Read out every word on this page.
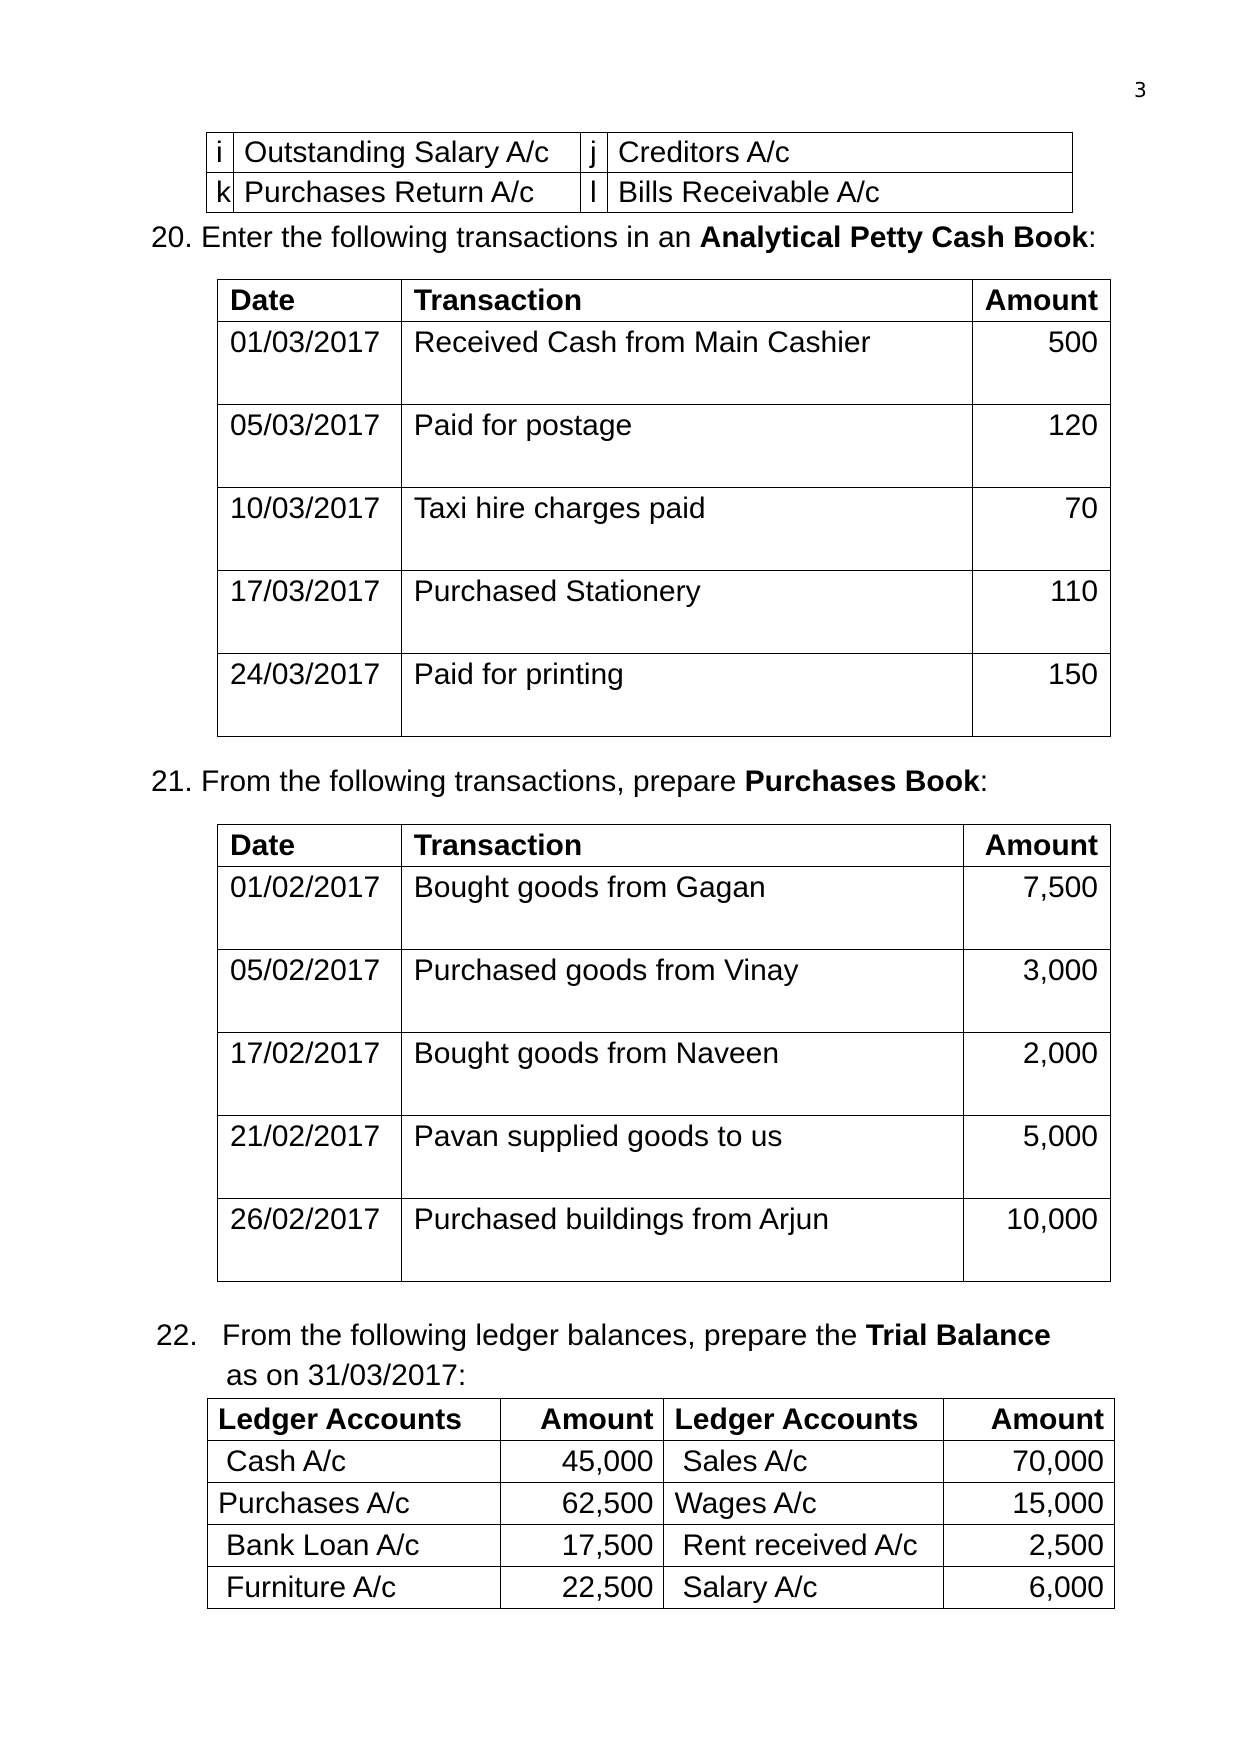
3
i	Outstanding Salary A/c	j	Creditors A/c
k	Purchases Return A/c	l	Bills Receivable A/c
20. Enter the following transactions in an Analytical Petty Cash Book:
Date	Transaction	Amount
01/03/2017	Received Cash from Main Cashier	500
05/03/2017	Paid for postage	120
10/03/2017	Taxi hire charges paid	70
17/03/2017	Purchased Stationery	110
24/03/2017	Paid for printing	150
21. From the following transactions, prepare Purchases Book:
Date	Transaction	Amount
01/02/2017	Bought goods from Gagan	7,500
05/02/2017	Purchased goods from Vinay	3,000
17/02/2017	Bought goods from Naveen	2,000
21/02/2017	Pavan supplied goods to us	5,000
26/02/2017	Purchased buildings from Arjun	10,000
22. From the following ledger balances, prepare the Trial Balance
as on 31/03/2017:
Ledger Accounts	Amount	Ledger Accounts	Amount
Cash A/c	45,000	Sales A/c	70,000
Purchases A/c	62,500	Wages A/c	15,000
Bank Loan A/c	17,500	Rent received A/c	2,500
Furniture A/c	22,500	Salary A/c	6,000
